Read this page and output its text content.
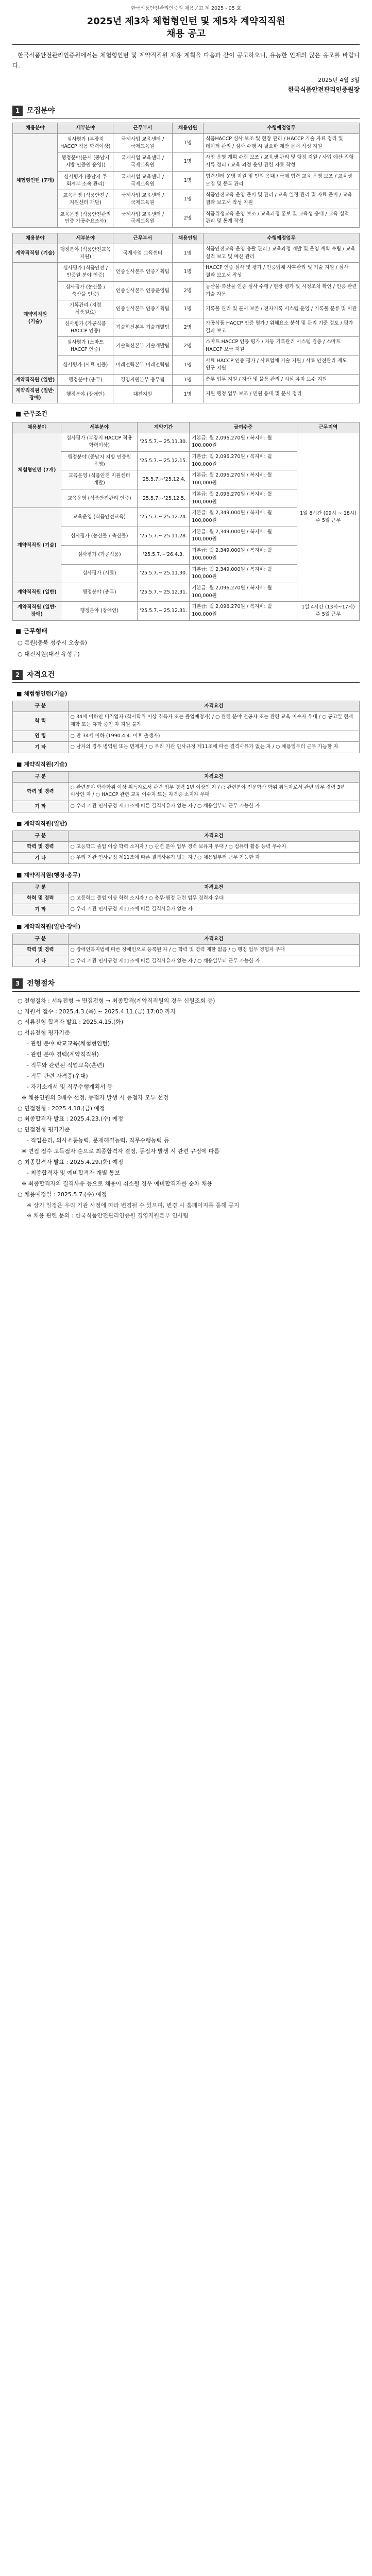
한국식품안전관리인증원 채용공고 제 2025 - 05 호
2025년 제3차 체험형인턴 및 제5차 계약직직원
채용 공고

한국식품안전관리인증원에서는 체험형인턴 및 계약직직원 채용 계획을 다음과 같이 공고하오니, 유능한 인재의 많은 응모를 바랍니다.

2025년 4월 3일
한국식품안전관리인증원장
1 모집분야
채용분야	세부분야	근무부서	채용인원	수행예정업무
체험형인턴 (7개)	심사평가 (부장지 HACCP 적용 학력이상)	국제사업 교육센터 / 국제교육원	1명	식품HACCP 심사 보조 및 현장 관리 / HACCP 기술 자료 정리 및 데이터 관리 / 심사 수행 시 필요한 제반 문서 작성 지원
	행정분야(문서 (중남지 지방 인증원 운영))	국제사업 교육센터 / 국제교육원	1명	사업 운영 계획 수립 보조 / 교육생 관리 및 행정 지원 / 사업 예산 집행 서류 정리 / 교육 과정 운영 관련 자료 작성
	심사평가 (중남지 주 회계부 소속 관리)	국제사업 교육센터 / 국제교육원	1명	협력센터 운영 지원 및 민원 응대 / 국제 협력 교육 운영 보조 / 교육생 모집 및 등록 관리
	교육운영 (식품안전 / 지원센터 개발)	국제사업 교육센터 / 국제교육원	1명	식품안전교육 운영 준비 및 관리 / 교육 일정 관리 및 자료 준비 / 교육 결과 보고서 작성 지원
	교육운영 (식품안전관리 인증 가공수요조사)	국제사업 교육센터 / 국제교육원	2명	식품위생교육 운영 보조 / 교육과정 홍보 및 교육생 응대 / 교육 실적 관리 및 통계 작성
채용분야	세부분야	근무부서	채용인원	수행예정업무
계약직직원 (기술)	행정분야 (식품안전교육 지원)	국제사업 교육센터	1명	식품안전교육 운영 총괄 관리 / 교육과정 개발 및 운영 계획 수립 / 교육 실적 보고 및 예산 관리
계약직직원
(기술)	심사평가 (식품안전 / 인증원 분야 인증)	인증심사본부 인증기획팀	1명	HACCP 인증 심사 및 평가 / 인증업체 사후관리 및 기술 지원 / 심사 결과 보고서 작성
	심사평가 (농산물 / 축산물 인증)	인증심사본부 인증운영팀	2명	농산물·축산물 인증 심사 수행 / 현장 평가 및 시정조치 확인 / 인증 관련 기술 자문
	기록관리 (지정 식품원료)	인증심사본부 인증기획팀	1명	기록물 관리 및 문서 보존 / 전자기록 시스템 운영 / 기록물 분류 및 이관
	심사평가 (가공식품 HACCP 인증)	기술혁신본부 기술개발팀	2명	가공식품 HACCP 인증 평가 / 위해요소 분석 및 관리 기준 검토 / 평가 결과 보고
	심사평가 (스마트 HACCP 인증)	기술혁신본부 기술개발팀	2명	스마트 HACCP 인증 평가 / 자동 기록관리 시스템 검증 / 스마트 HACCP 보급 지원
	심사평가 (사료 인증)	미래전략본부 미래전략팀	1명	사료 HACCP 인증 평가 / 사료업체 기술 지원 / 사료 안전관리 제도 연구 지원
계약직직원 (일반)	행정분야 (총무)	경영지원본부 총무팀	1명	총무 업무 지원 / 자산 및 물품 관리 / 시설 유지 보수 지원
계약직직원 (일반·장애)	행정분야 (장애인)	대전지원	1명	지원 행정 업무 보조 / 민원 응대 및 문서 정리
■ 근무조건
채용분야	세부분야	계약기간	급여수준	근무지역
체험형인턴 (7개)	심사평가 (부장지 HACCP 적용 학력이상)	'25.5.7.~'25.11.30.	기본급: 월 2,096,270원 / 복지비: 월 100,000원	1일 8시간 (09시 ~ 18시) 주 5일 근무

	행정분야 (중남지 지방 인증원 운영)	'25.5.7.~'25.12.15.	기본급: 월 2,096,270원 / 복지비: 월 100,000원	
	교육운영 (식품안전 지원센터 개발)	'25.5.7.~'25.12.4.	기본급: 월 2,096,270원 / 복지비: 월 100,000원	
	교육운영 (식품안전관리 인증)	'25.5.7.~'25.12.5.	기본급: 월 2,096,270원 / 복지비: 월 100,000원	
계약직직원 (기술)	교육운영 (식품안전교육)	'25.5.7.~'25.12.24.	기본급: 월 2,349,000원 / 복지비: 월 100,000원	
	심사평가 (농산물 / 축산물)	'25.5.7.~'25.11.28.	기본급: 월 2,349,000원 / 복지비: 월 100,000원	
	심사평가 (가공식품)	'25.5.7.~'26.4.3.	기본급: 월 2,349,000원 / 복지비: 월 100,000원	
	심사평가 (사료)	'25.5.7.~'25.11.30.	기본급: 월 2,349,000원 / 복지비: 월 100,000원	
계약직직원 (일반)	행정분야 (총무)	'25.5.7.~'25.12.31.	기본급: 월 2,096,270원 / 복지비: 월 100,000원	
계약직직원 (일반·장애)	행정분야 (장애인)	'25.5.7.~'25.12.31.	기본급: 월 2,096,270원 / 복지비: 월 100,000원	1일 4시간 (13시~17시) 주 5일 근무
■ 근무형태
○ 본원(충북 청주시 오송읍)
○ 대전지원(대전 유성구)
2 자격요건
■ 체험형인턴(기술)
구 분	자격요건
학 력	○ 34세 이하인 미취업자 (학사학위 이상 취득자 또는 졸업예정자) / ○ 관련 분야 전공자 또는 관련 교육 이수자 우대 / ○ 공고일 현재 재학 또는 휴학 중인 자 지원 불가
연 령	○ 만 34세 이하 (1990.4.4. 이후 출생자)
기 타	○ 남자의 경우 병역필 또는 면제자 / ○ 우리 기관 인사규정 제11조에 따른 결격사유가 없는 자 / ○ 채용일부터 근무 가능한 자
■ 계약직직원(기술)
구 분	자격요건
학력 및 경력	○ 관련분야 학사학위 이상 취득자로서 관련 업무 경력 1년 이상인 자 / ○ 관련분야 전문학사 학위 취득자로서 관련 업무 경력 3년 이상인 자 / ○ HACCP 관련 교육 이수자 또는 자격증 소지자 우대
기 타	○ 우리 기관 인사규정 제11조에 따른 결격사유가 없는 자 / ○ 채용일부터 근무 가능한 자
■ 계약직직원(일반)
구 분	자격요건
학력 및 경력	○ 고등학교 졸업 이상 학력 소지자 / ○ 관련 분야 업무 경력 보유자 우대 / ○ 컴퓨터 활용 능력 우수자
기 타	○ 우리 기관 인사규정 제11조에 따른 결격사유가 없는 자 / ○ 채용일부터 근무 가능한 자
■ 계약직직원(행정·총무)
구 분	자격요건
학력 및 경력	○ 고등학교 졸업 이상 학력 소지자 / ○ 총무·행정 관련 업무 경력자 우대
기 타	○ 우리 기관 인사규정 제11조에 따른 결격사유가 없는 자
■ 계약직직원(일반·장애)
구 분	자격요건
학력 및 경력	○ 장애인복지법에 따른 장애인으로 등록된 자 / ○ 학력 및 경력 제한 없음 / ○ 행정 업무 경험자 우대
기 타	○ 우리 기관 인사규정 제11조에 따른 결격사유가 없는 자 / ○ 채용일부터 근무 가능한 자
3 전형절차
○ 전형절차 : 서류전형 → 면접전형 → 최종합격(계약직직원의 경우 신원조회 등)
○ 지원서 접수 : 2025.4.3.(목) ~ 2025.4.11.(금) 17:00 까지
○ 서류전형 합격자 발표 : 2025.4.15.(화)
○ 서류전형 평가기준
- 관련 분야 학교교육(체험형인턴)
- 관련 분야 경력(계약직직원)
- 직무와 관련된 직업교육(훈련)
- 직무 관련 자격증(우대)
- 자기소개서 및 직무수행계획서 등
※ 채용인원의 3배수 선정, 동점자 발생 시 동점자 모두 선정
○ 면접전형 : 2025.4.18.(금) 예정
○ 최종합격자 발표 : 2025.4.23.(수) 예정
○ 면접전형 평가기준
- 직업윤리, 의사소통능력, 문제해결능력, 직무수행능력 등
※ 면접 점수 고득점자 순으로 최종합격자 결정, 동점자 발생 시 관련 규정에 따름
○ 최종합격자 발표 : 2025.4.29.(화) 예정
- 최종합격자 및 예비합격자 개별 통보
※ 최종합격자의 결격사유 등으로 채용이 취소될 경우 예비합격자를 순차 채용
○ 채용예정일 : 2025.5.7.(수) 예정
※ 상기 일정은 우리 기관 사정에 따라 변경될 수 있으며, 변경 시 홈페이지를 통해 공지
※ 채용 관련 문의 : 한국식품안전관리인증원 경영지원본부 인사팀
